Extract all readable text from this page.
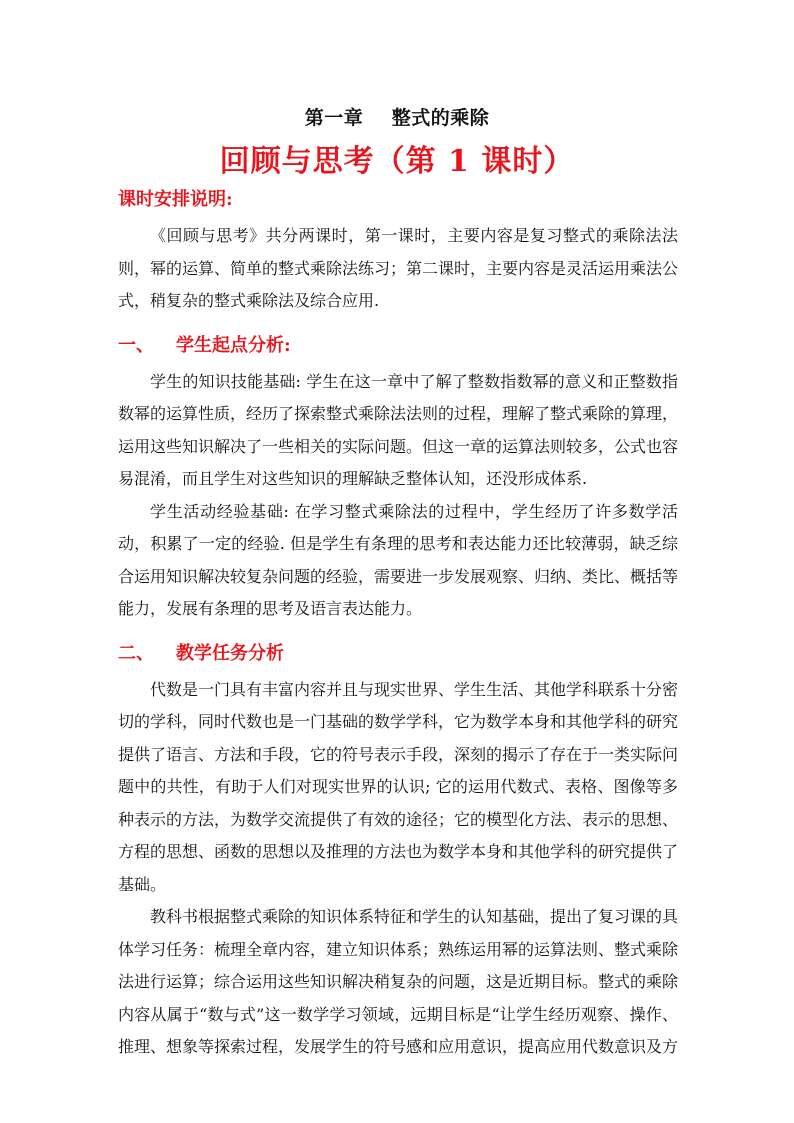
第一章    整式的乘除
回顾与思考（第 1 课时）
课时安排说明:

《回顾与思考》共分两课时，第一课时，主要内容是复习整式的乘除法法则，幂的运算、简单的整式乘除法练习；第二课时，主要内容是灵活运用乘法公式，稍复杂的整式乘除法及综合应用.

一、	学生起点分析:

学生的知识技能基础: 学生在这一章中了解了整数指数幂的意义和正整数指数幂的运算性质，经历了探索整式乘除法法则的过程，理解了整式乘除的算理，运用这些知识解决了一些相关的实际问题。但这一章的运算法则较多，公式也容易混淆，而且学生对这些知识的理解缺乏整体认知，还没形成体系.

学生活动经验基础: 在学习整式乘除法的过程中，学生经历了许多数学活动，积累了一定的经验. 但是学生有条理的思考和表达能力还比较薄弱，缺乏综合运用知识解决较复杂问题的经验，需要进一步发展观察、归纳、类比、概括等能力，发展有条理的思考及语言表达能力。

二、	教学任务分析

代数是一门具有丰富内容并且与现实世界、学生生活、其他学科联系十分密切的学科，同时代数也是一门基础的数学学科，它为数学本身和其他学科的研究提供了语言、方法和手段，它的符号表示手段，深刻的揭示了存在于一类实际问题中的共性，有助于人们对现实世界的认识; 它的运用代数式、表格、图像等多种表示的方法，为数学交流提供了有效的途径；它的模型化方法、表示的思想、方程的思想、函数的思想以及推理的方法也为数学本身和其他学科的研究提供了基础。

教科书根据整式乘除的知识体系特征和学生的认知基础，提出了复习课的具体学习任务：梳理全章内容，建立知识体系；熟练运用幂的运算法则、整式乘除法进行运算；综合运用这些知识解决稍复杂的问题，这是近期目标。整式的乘除内容从属于“数与式”这一数学学习领域，远期目标是“让学生经历观察、操作、推理、想象等探索过程，发展学生的符号感和应用意识，提高应用代数意识及方
